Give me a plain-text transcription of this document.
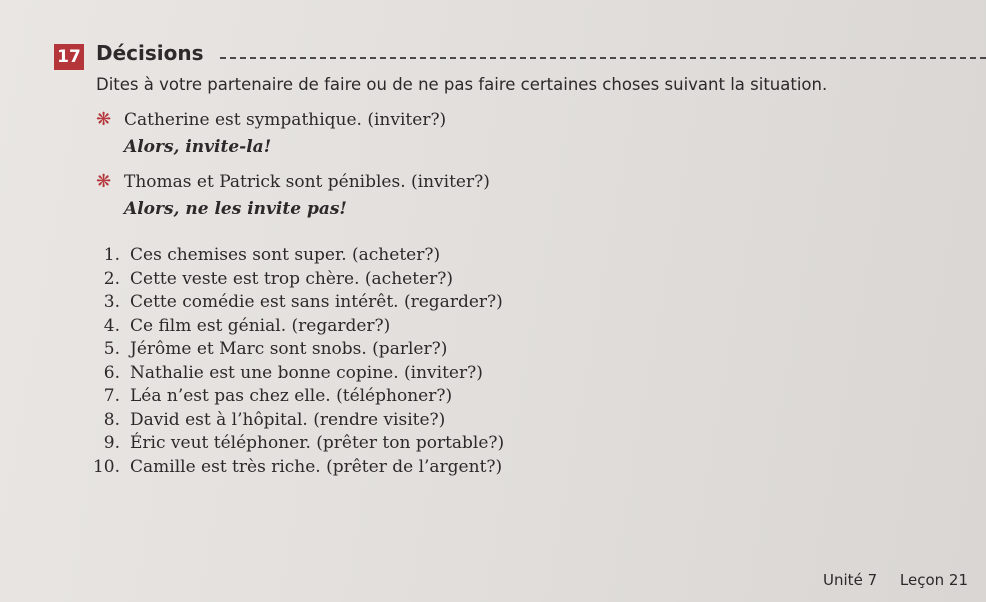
17 Décisions
Dites à votre partenaire de faire ou de ne pas faire certaines choses suivant la situation.
❋ Catherine est sympathique. (inviter?)
Alors, invite-la!
❋ Thomas et Patrick sont pénibles. (inviter?)
Alors, ne les invite pas!
1. Ces chemises sont super. (acheter?)
2. Cette veste est trop chère. (acheter?)
3. Cette comédie est sans intérêt. (regarder?)
4. Ce film est génial. (regarder?)
5. Jérôme et Marc sont snobs. (parler?)
6. Nathalie est une bonne copine. (inviter?)
7. Léa n’est pas chez elle. (téléphoner?)
8. David est à l’hôpital. (rendre visite?)
9. Éric veut téléphoner. (prêter ton portable?)
10. Camille est très riche. (prêter de l’argent?)
Unité 7 Leçon 21
